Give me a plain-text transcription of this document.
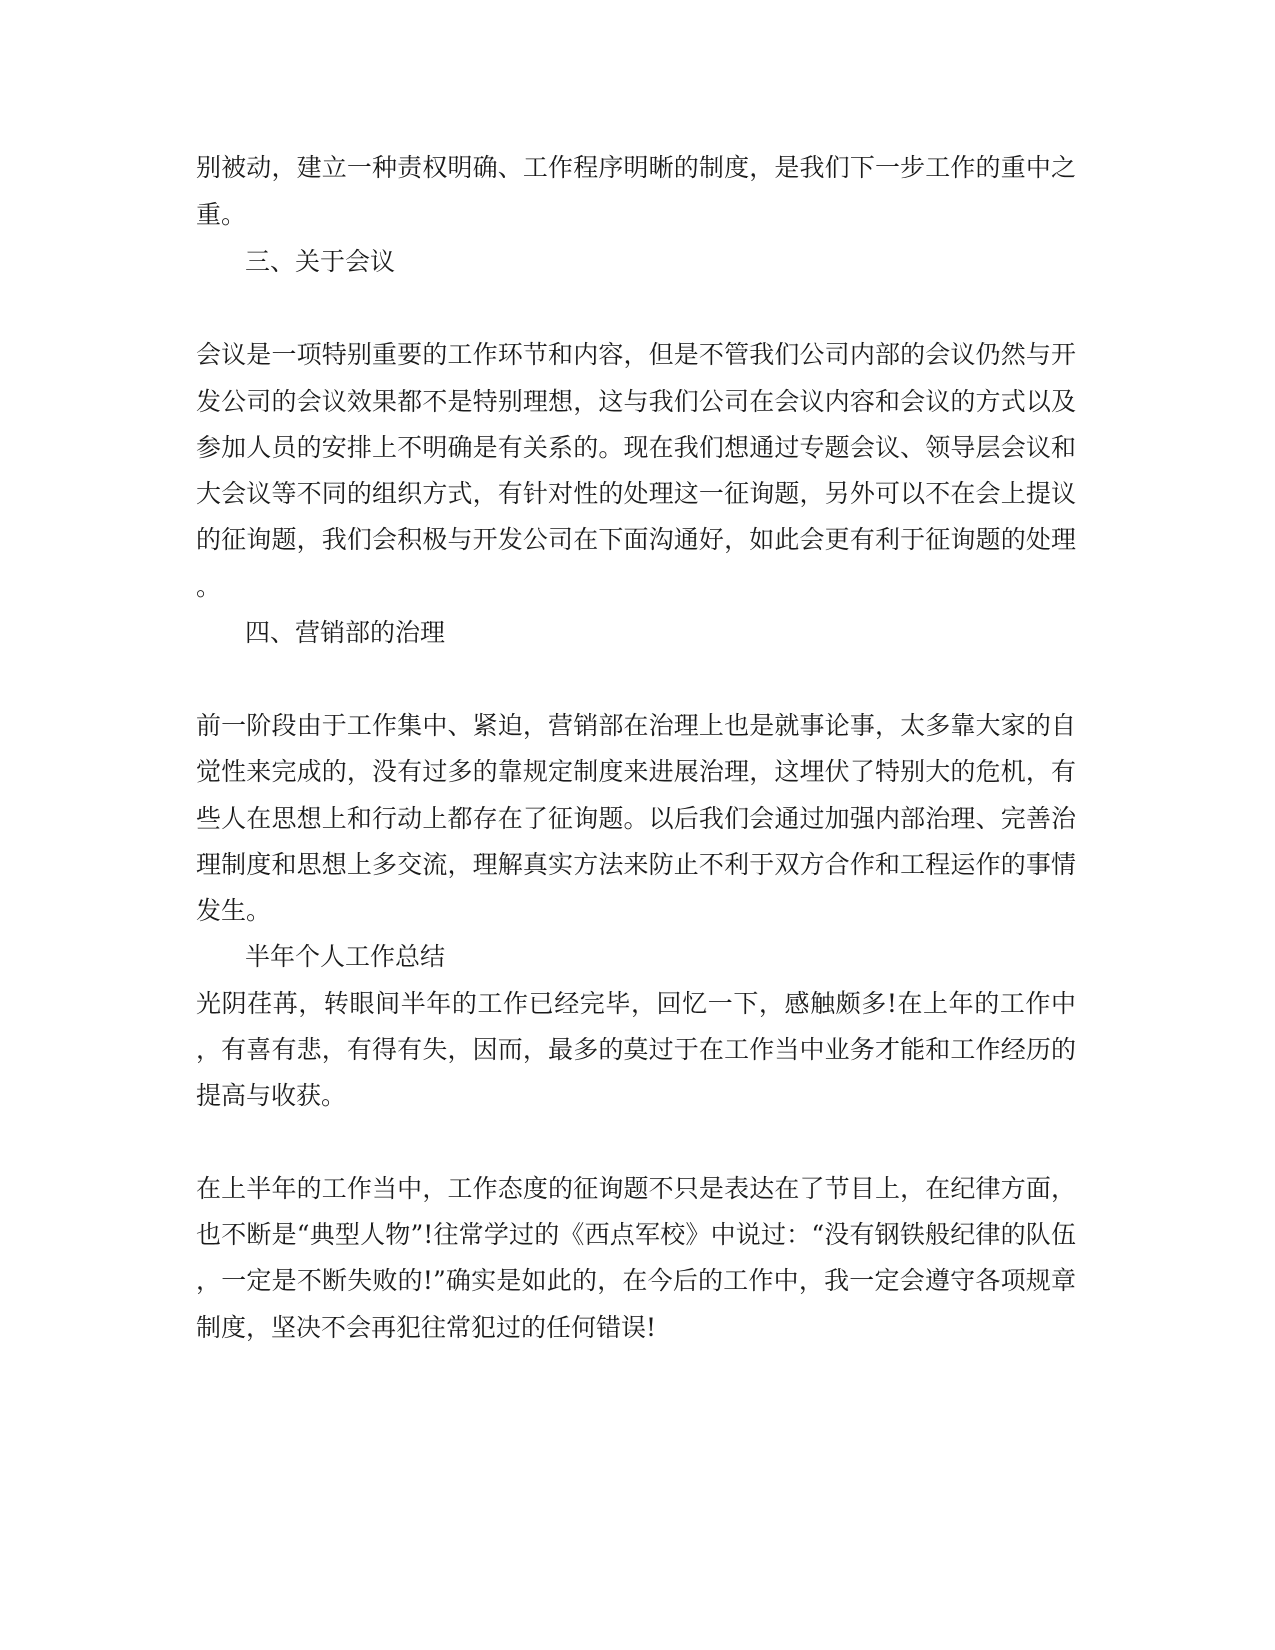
别被动，建立一种责权明确、工作程序明晰的制度，是我们下一步工作的重中之
重。
三、关于会议
会议是一项特别重要的工作环节和内容，但是不管我们公司内部的会议仍然与开
发公司的会议效果都不是特别理想，这与我们公司在会议内容和会议的方式以及
参加人员的安排上不明确是有关系的。现在我们想通过专题会议、领导层会议和
大会议等不同的组织方式，有针对性的处理这一征询题，另外可以不在会上提议
的征询题，我们会积极与开发公司在下面沟通好，如此会更有利于征询题的处理
。
四、营销部的治理
前一阶段由于工作集中、紧迫，营销部在治理上也是就事论事，太多靠大家的自
觉性来完成的，没有过多的靠规定制度来进展治理，这埋伏了特别大的危机，有
些人在思想上和行动上都存在了征询题。以后我们会通过加强内部治理、完善治
理制度和思想上多交流，理解真实方法来防止不利于双方合作和工程运作的事情
发生。
半年个人工作总结
光阴荏苒，转眼间半年的工作已经完毕，回忆一下，感触颇多!在上年的工作中
，有喜有悲，有得有失，因而，最多的莫过于在工作当中业务才能和工作经历的
提高与收获。
在上半年的工作当中，工作态度的征询题不只是表达在了节目上，在纪律方面，
也不断是“典型人物”!往常学过的《西点军校》中说过：“没有钢铁般纪律的队伍
，一定是不断失败的!”确实是如此的，在今后的工作中，我一定会遵守各项规章
制度，坚决不会再犯往常犯过的任何错误!
